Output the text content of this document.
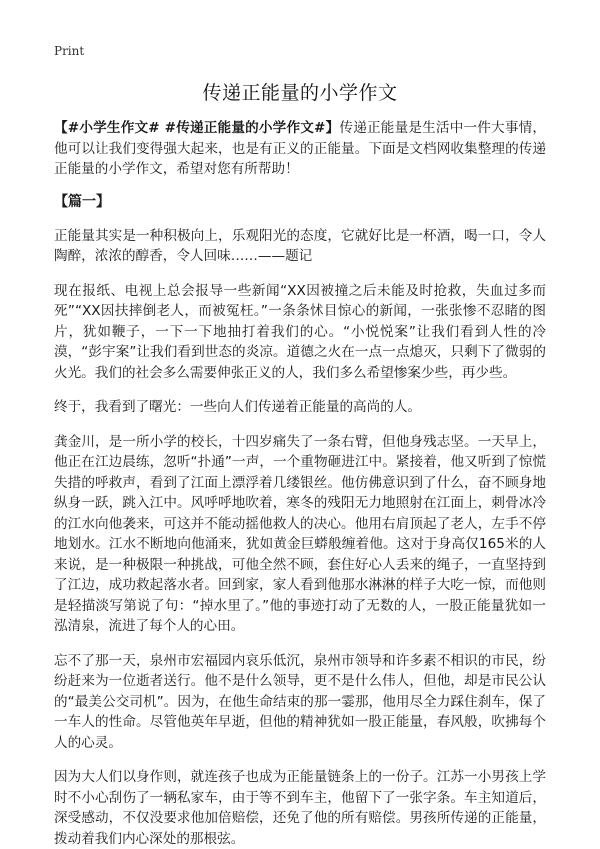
Print
传递正能量的小学作文

【#小学生作文# #传递正能量的小学作文#】传递正能量是生活中一件大事情，他可以让我们变得强大起来，也是有正义的正能量。下面是文档网收集整理的传递正能量的小学作文，希望对您有所帮助！

【篇一】

正能量其实是一种积极向上，乐观阳光的态度，它就好比是一杯酒，喝一口，令人陶醉，浓浓的醇香，令人回味……——题记

现在报纸、电视上总会报导一些新闻“XX因被撞之后未能及时抢救，失血过多而死”“XX因扶摔倒老人，而被冤枉。”一条条怵目惊心的新闻，一张张惨不忍睹的图片，犹如鞭子，一下一下地抽打着我们的心。“小悦悦案”让我们看到人性的冷漠，“彭宇案”让我们看到世态的炎凉。道德之火在一点一点熄灭，只剩下了微弱的火光。我们的社会多么需要伸张正义的人，我们多么希望惨案少些，再少些。

终于，我看到了曙光：一些向人们传递着正能量的高尚的人。

龚金川，是一所小学的校长，十四岁痛失了一条右臂，但他身残志坚。一天早上，他正在江边晨练，忽听“扑通”一声，一个重物砸进江中。紧接着，他又听到了惊慌失措的呼救声，看到了江面上漂浮着几缕银丝。他仿佛意识到了什么，奋不顾身地纵身一跃，跳入江中。风呼呼地吹着，寒冬的残阳无力地照射在江面上，刺骨冰冷的江水向他袭来，可这并不能动摇他救人的决心。他用右肩顶起了老人，左手不停地划水。江水不断地向他涌来，犹如黄金巨蟒般缠着他。这对于身高仅165米的人来说，是一种极限一种挑战，可他全然不顾，套住好心人丢来的绳子，一直坚持到了江边，成功救起落水者。回到家，家人看到他那水淋淋的样子大吃一惊，而他则是轻描淡写第说了句：“掉水里了。”他的事迹打动了无数的人，一股正能量犹如一泓清泉，流进了每个人的心田。

忘不了那一天，泉州市宏福园内哀乐低沉，泉州市领导和许多素不相识的市民，纷纷赶来为一位逝者送行。他不是什么领导，更不是什么伟人，但他，却是市民公认的“最美公交司机”。因为，在他生命结束的那一霎那，他用尽全力踩住刹车，保了一车人的性命。尽管他英年早逝，但他的精神犹如一股正能量，春风般，吹拂每个人的心灵。

因为大人们以身作则，就连孩子也成为正能量链条上的一份子。江苏一小男孩上学时不小心刮伤了一辆私家车，由于等不到车主，他留下了一张字条。车主知道后，深受感动，不仅没要求他加倍赔偿，还免了他的所有赔偿。男孩所传递的正能量，拨动着我们内心深处的那根弦。
